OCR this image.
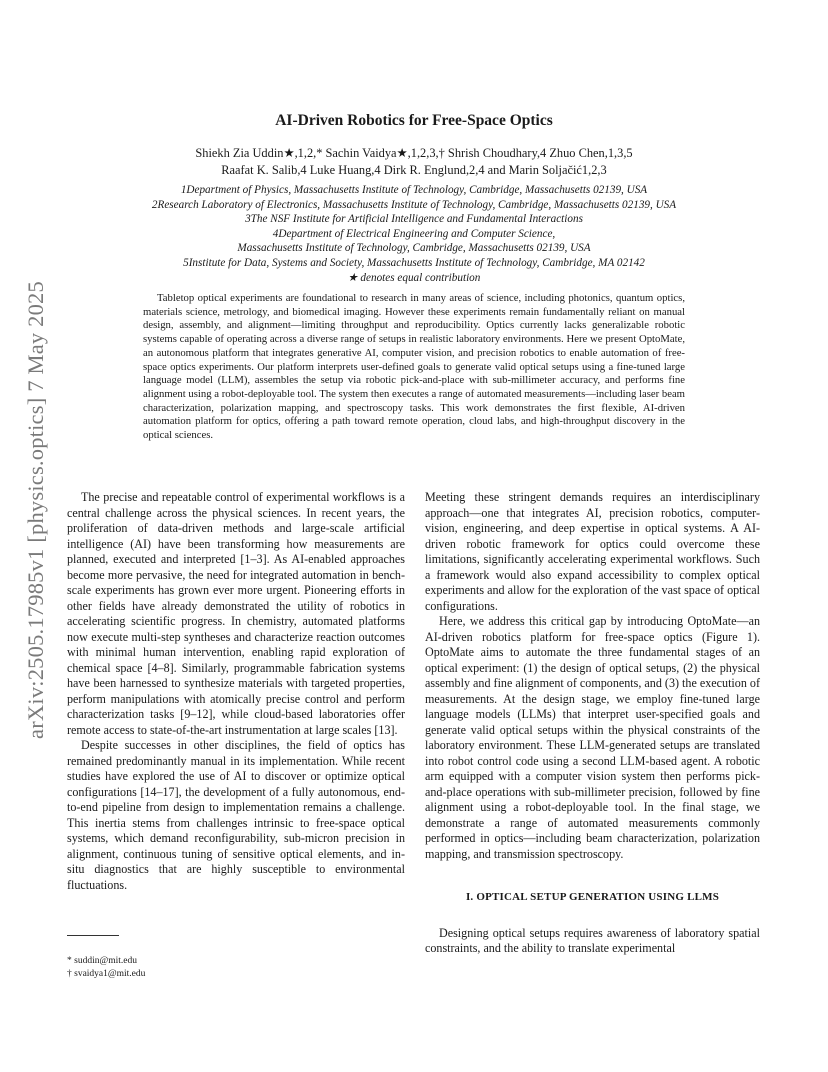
arXiv:2505.17985v1 [physics.optics] 7 May 2025
AI-Driven Robotics for Free-Space Optics
Shiekh Zia Uddin★,1,2,* Sachin Vaidya★,1,2,3,† Shrish Choudhary,4 Zhuo Chen,1,3,5
Raafat K. Salib,4 Luke Huang,4 Dirk R. Englund,2,4 and Marin Soljačić1,2,3
1Department of Physics, Massachusetts Institute of Technology, Cambridge, Massachusetts 02139, USA
2Research Laboratory of Electronics, Massachusetts Institute of Technology, Cambridge, Massachusetts 02139, USA
3The NSF Institute for Artificial Intelligence and Fundamental Interactions
4Department of Electrical Engineering and Computer Science,
Massachusetts Institute of Technology, Cambridge, Massachusetts 02139, USA
5Institute for Data, Systems and Society, Massachusetts Institute of Technology, Cambridge, MA 02142
★ denotes equal contribution

Tabletop optical experiments are foundational to research in many areas of science, including photonics, quantum optics, materials science, metrology, and biomedical imaging. However these experiments remain fundamentally reliant on manual design, assembly, and alignment—limiting throughput and reproducibility. Optics currently lacks generalizable robotic systems capable of operating across a diverse range of setups in realistic laboratory environments. Here we present OptoMate, an autonomous platform that integrates generative AI, computer vision, and precision robotics to enable automation of free-space optics experiments. Our platform interprets user-defined goals to generate valid optical setups using a fine-tuned large language model (LLM), assembles the setup via robotic pick-and-place with sub-millimeter accuracy, and performs fine alignment using a robot-deployable tool. The system then executes a range of automated measurements—including laser beam characterization, polarization mapping, and spectroscopy tasks. This work demonstrates the first flexible, AI-driven automation platform for optics, offering a path toward remote operation, cloud labs, and high-throughput discovery in the optical sciences.

The precise and repeatable control of experimental workflows is a central challenge across the physical sciences. In recent years, the proliferation of data-driven methods and large-scale artificial intelligence (AI) have been transforming how measurements are planned, executed and interpreted [1–3]. As AI-enabled approaches become more pervasive, the need for integrated automation in bench-scale experiments has grown ever more urgent. Pioneering efforts in other fields have already demonstrated the utility of robotics in accelerating scientific progress. In chemistry, automated platforms now execute multi-step syntheses and characterize reaction outcomes with minimal human intervention, enabling rapid exploration of chemical space [4–8]. Similarly, programmable fabrication systems have been harnessed to synthesize materials with targeted properties, perform manipulations with atomically precise control and perform characterization tasks [9–12], while cloud-based laboratories offer remote access to state-of-the-art instrumentation at large scales [13].

Despite successes in other disciplines, the field of optics has remained predominantly manual in its implementation. While recent studies have explored the use of AI to discover or optimize optical configurations [14–17], the development of a fully autonomous, end-to-end pipeline from design to implementation remains a challenge. This inertia stems from challenges intrinsic to free-space optical systems, which demand reconfigurability, sub-micron precision in alignment, continuous tuning of sensitive optical elements, and in-situ diagnostics that are highly susceptible to environmental fluctuations.

Meeting these stringent demands requires an interdisciplinary approach—one that integrates AI, precision robotics, computer-vision, engineering, and deep expertise in optical systems. A AI-driven robotic framework for optics could overcome these limitations, significantly accelerating experimental workflows. Such a framework would also expand accessibility to complex optical experiments and allow for the exploration of the vast space of optical configurations.

Here, we address this critical gap by introducing OptoMate—an AI-driven robotics platform for free-space optics (Figure 1). OptoMate aims to automate the three fundamental stages of an optical experiment: (1) the design of optical setups, (2) the physical assembly and fine alignment of components, and (3) the execution of measurements. At the design stage, we employ fine-tuned large language models (LLMs) that interpret user-specified goals and generate valid optical setups within the physical constraints of the laboratory environment. These LLM-generated setups are translated into robot control code using a second LLM-based agent. A robotic arm equipped with a computer vision system then performs pick-and-place operations with sub-millimeter precision, followed by fine alignment using a robot-deployable tool. In the final stage, we demonstrate a range of automated measurements commonly performed in optics—including beam characterization, polarization mapping, and transmission spectroscopy.

I. OPTICAL SETUP GENERATION USING LLMS

Designing optical setups requires awareness of laboratory spatial constraints, and the ability to translate experimental

* suddin@mit.edu
† svaidya1@mit.edu
